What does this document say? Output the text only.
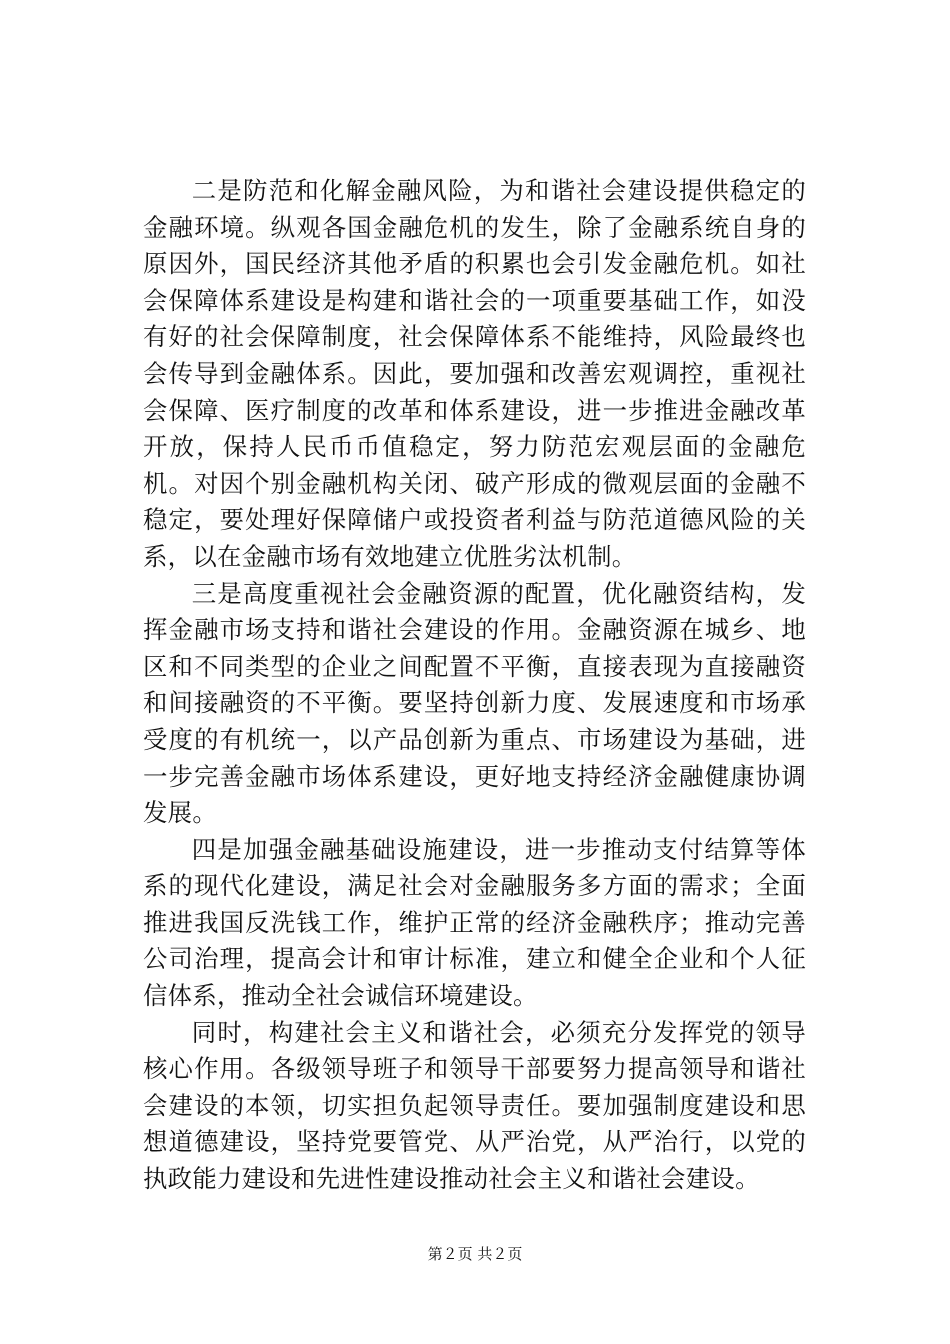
二是防范和化解金融风险，为和谐社会建设提供稳定的金融环境。纵观各国金融危机的发生，除了金融系统自身的原因外，国民经济其他矛盾的积累也会引发金融危机。如社会保障体系建设是构建和谐社会的一项重要基础工作，如没有好的社会保障制度，社会保障体系不能维持，风险最终也会传导到金融体系。因此，要加强和改善宏观调控，重视社会保障、医疗制度的改革和体系建设，进一步推进金融改革开放，保持人民币币值稳定，努力防范宏观层面的金融危机。对因个别金融机构关闭、破产形成的微观层面的金融不稳定，要处理好保障储户或投资者利益与防范道德风险的关系，以在金融市场有效地建立优胜劣汰机制。

三是高度重视社会金融资源的配置，优化融资结构，发挥金融市场支持和谐社会建设的作用。金融资源在城乡、地区和不同类型的企业之间配置不平衡，直接表现为直接融资和间接融资的不平衡。要坚持创新力度、发展速度和市场承受度的有机统一，以产品创新为重点、市场建设为基础，进一步完善金融市场体系建设，更好地支持经济金融健康协调发展。

四是加强金融基础设施建设，进一步推动支付结算等体系的现代化建设，满足社会对金融服务多方面的需求；全面推进我国反洗钱工作，维护正常的经济金融秩序；推动完善公司治理，提高会计和审计标准，建立和健全企业和个人征信体系，推动全社会诚信环境建设。

同时，构建社会主义和谐社会，必须充分发挥党的领导核心作用。各级领导班子和领导干部要努力提高领导和谐社会建设的本领，切实担负起领导责任。要加强制度建设和思想道德建设，坚持党要管党、从严治党，从严治行，以党的执政能力建设和先进性建设推动社会主义和谐社会建设。

第２页 共２页
